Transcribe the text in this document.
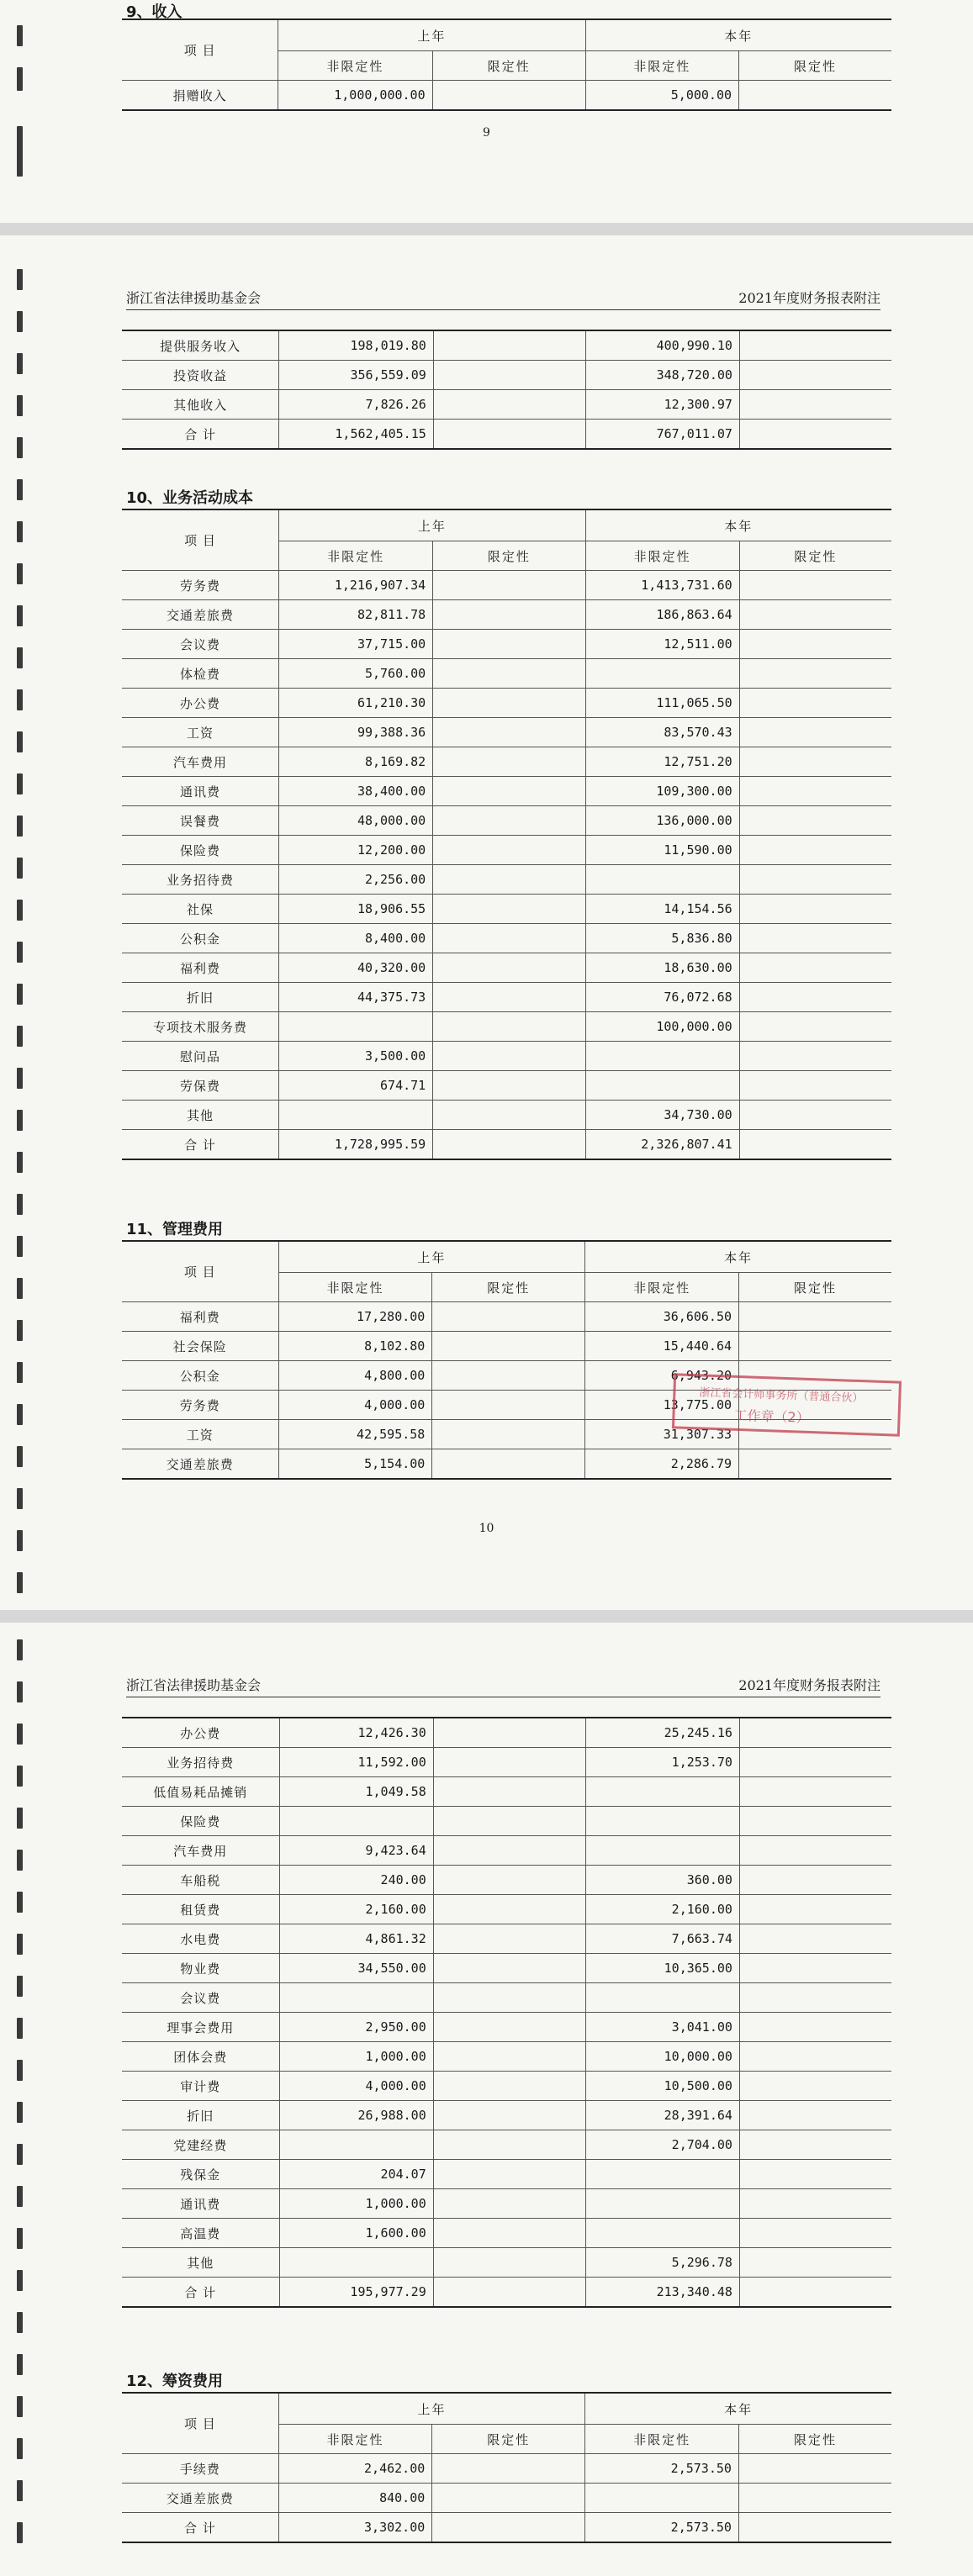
9、收入
项 目	上年		本年	
	非限定性	限定性	非限定性	限定性
捐赠收入	1,000,000.00		5,000.00	
9
浙江省法律援助基金会	2021年度财务报表附注
提供服务收入	198,019.80		400,990.10	
投资收益	356,559.09		348,720.00	
其他收入	7,826.26		12,300.97	
合 计	1,562,405.15		767,011.07	
10、业务活动成本
项 目	上年		本年	
	非限定性	限定性	非限定性	限定性
劳务费	1,216,907.34		1,413,731.60	
交通差旅费	82,811.78		186,863.64	
会议费	37,715.00		12,511.00	
体检费	5,760.00			
办公费	61,210.30		111,065.50	
工资	99,388.36		83,570.43	
汽车费用	8,169.82		12,751.20	
通讯费	38,400.00		109,300.00	
误餐费	48,000.00		136,000.00	
保险费	12,200.00		11,590.00	
业务招待费	2,256.00			
社保	18,906.55		14,154.56	
公积金	8,400.00		5,836.80	
福利费	40,320.00		18,630.00	
折旧	44,375.73		76,072.68	
专项技术服务费			100,000.00	
慰问品	3,500.00			
劳保费	674.71			
其他			34,730.00	
合 计	1,728,995.59		2,326,807.41	
11、管理费用
项 目	上年		本年	
	非限定性	限定性	非限定性	限定性
福利费	17,280.00		36,606.50	
社会保险	8,102.80		15,440.64	
公积金	4,800.00		6,943.20	
劳务费	4,000.00		13,775.00	
工资	42,595.58		31,307.33	
交通差旅费	5,154.00		2,286.79	
10
浙江省会计师事务所（普通合伙）
工作章（2）
浙江省法律援助基金会	2021年度财务报表附注
办公费	12,426.30		25,245.16	
业务招待费	11,592.00		1,253.70	
低值易耗品摊销	1,049.58			
保险费				
汽车费用	9,423.64			
车船税	240.00		360.00	
租赁费	2,160.00		2,160.00	
水电费	4,861.32		7,663.74	
物业费	34,550.00		10,365.00	
会议费				
理事会费用	2,950.00		3,041.00	
团体会费	1,000.00		10,000.00	
审计费	4,000.00		10,500.00	
折旧	26,988.00		28,391.64	
党建经费			2,704.00	
残保金	204.07			
通讯费	1,000.00			
高温费	1,600.00			
其他			5,296.78	
合 计	195,977.29		213,340.48	
12、筹资费用
项 目	上年		本年	
	非限定性	限定性	非限定性	限定性
手续费	2,462.00		2,573.50	
交通差旅费	840.00			
合 计	3,302.00		2,573.50	
